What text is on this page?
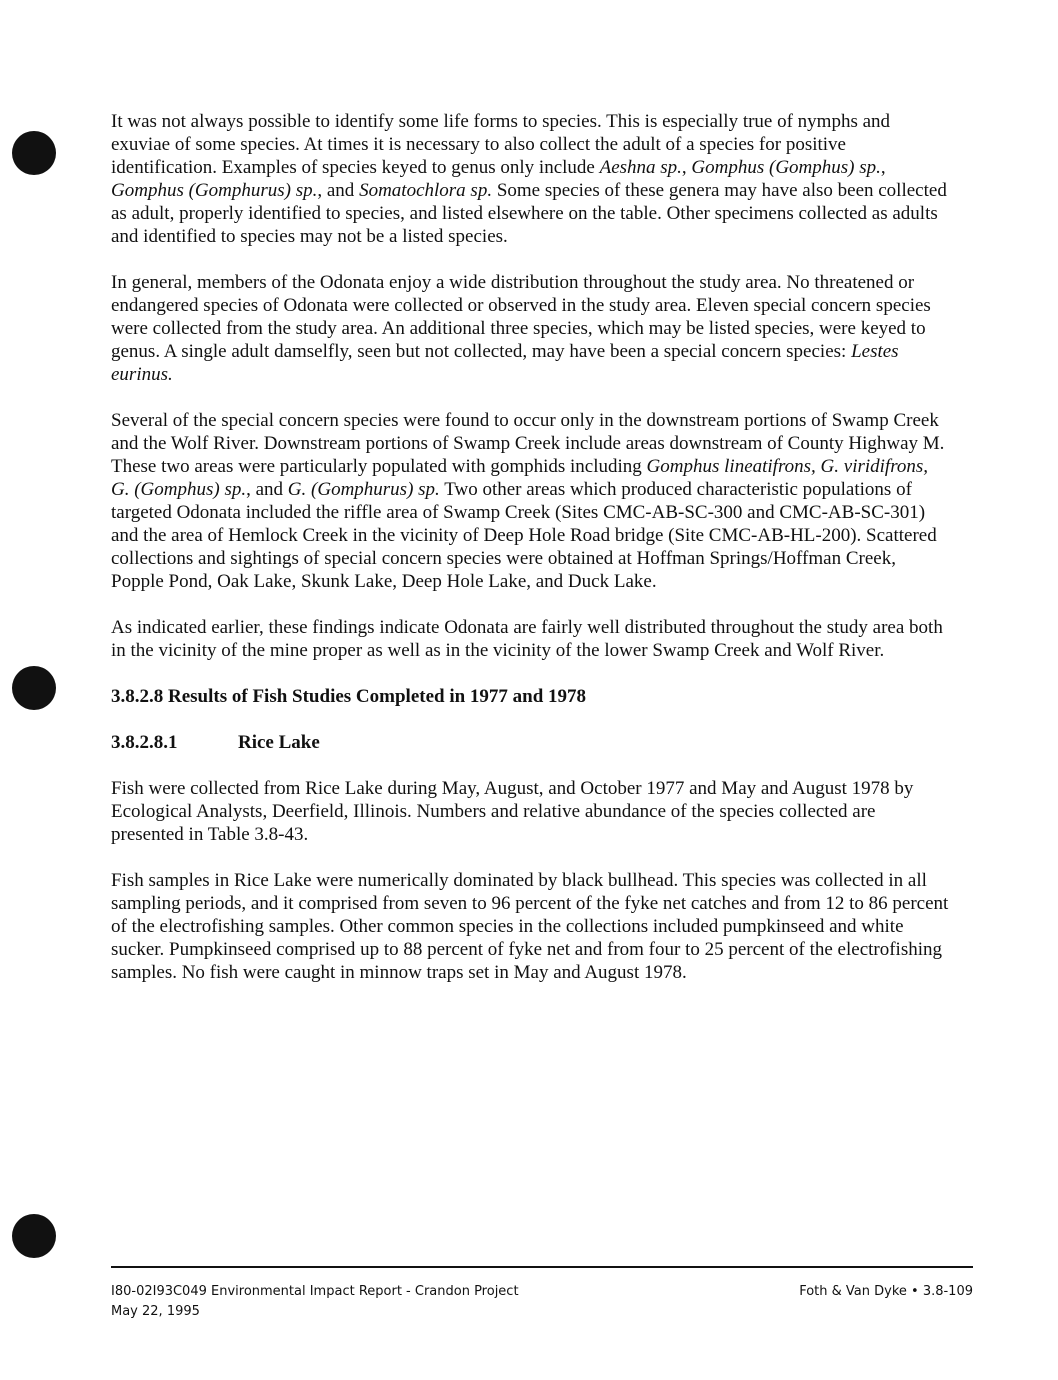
It was not always possible to identify some life forms to species. This is especially true of nymphs and exuviae of some species. At times it is necessary to also collect the adult of a species for positive identification. Examples of species keyed to genus only include Aeshna sp., Gomphus (Gomphus) sp., Gomphus (Gomphurus) sp., and Somatochlora sp. Some species of these genera may have also been collected as adult, properly identified to species, and listed elsewhere on the table. Other specimens collected as adults and identified to species may not be a listed species.

In general, members of the Odonata enjoy a wide distribution throughout the study area. No threatened or endangered species of Odonata were collected or observed in the study area. Eleven special concern species were collected from the study area. An additional three species, which may be listed species, were keyed to genus. A single adult damselfly, seen but not collected, may have been a special concern species: Lestes eurinus.

Several of the special concern species were found to occur only in the downstream portions of Swamp Creek and the Wolf River. Downstream portions of Swamp Creek include areas downstream of County Highway M. These two areas were particularly populated with gomphids including Gomphus lineatifrons, G. viridifrons, G. (Gomphus) sp., and G. (Gomphurus) sp. Two other areas which produced characteristic populations of targeted Odonata included the riffle area of Swamp Creek (Sites CMC-AB-SC-300 and CMC-AB-SC-301) and the area of Hemlock Creek in the vicinity of Deep Hole Road bridge (Site CMC-AB-HL-200). Scattered collections and sightings of special concern species were obtained at Hoffman Springs/Hoffman Creek, Popple Pond, Oak Lake, Skunk Lake, Deep Hole Lake, and Duck Lake.

As indicated earlier, these findings indicate Odonata are fairly well distributed throughout the study area both in the vicinity of the mine proper as well as in the vicinity of the lower Swamp Creek and Wolf River.

3.8.2.8 Results of Fish Studies Completed in 1977 and 1978
3.8.2.8.1	Rice Lake

Fish were collected from Rice Lake during May, August, and October 1977 and May and August 1978 by Ecological Analysts, Deerfield, Illinois. Numbers and relative abundance of the species collected are presented in Table 3.8-43.

Fish samples in Rice Lake were numerically dominated by black bullhead. This species was collected in all sampling periods, and it comprised from seven to 96 percent of the fyke net catches and from 12 to 86 percent of the electrofishing samples. Other common species in the collections included pumpkinseed and white sucker. Pumpkinseed comprised up to 88 percent of fyke net and from four to 25 percent of the electrofishing samples. No fish were caught in minnow traps set in May and August 1978.

I80-02I93C049 Environmental Impact Report - Crandon Project
May 22, 1995
Foth & Van Dyke • 3.8-109
